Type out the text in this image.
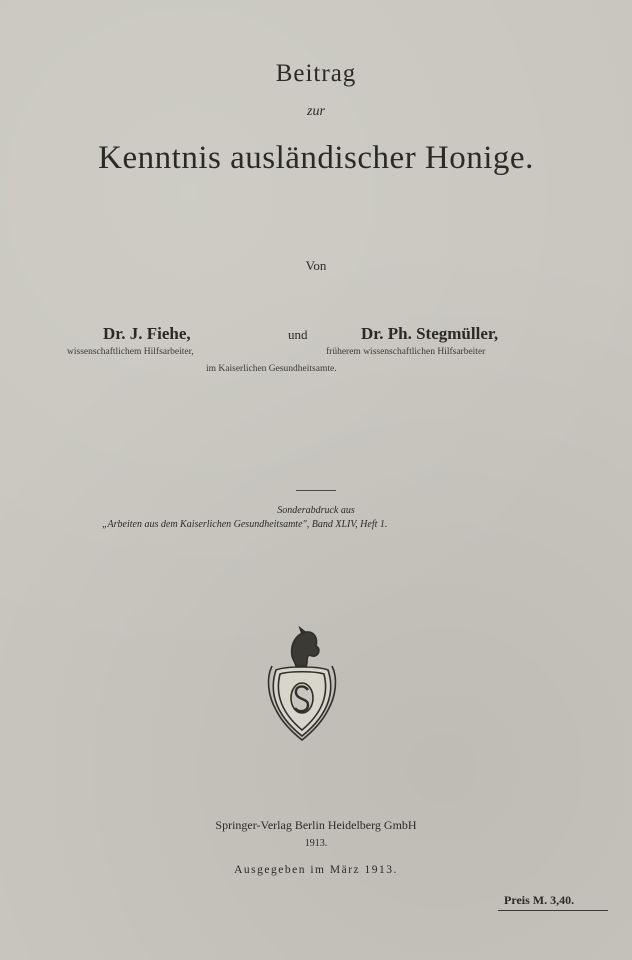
Beitrag
zur
Kenntnis ausländischer Honige.
Von
Dr. J. Fiehe,	und	Dr. Ph. Stegmüller,
wissenschaftlichem Hilfsarbeiter,	früherem wissenschaftlichen Hilfsarbeiter
im Kaiserlichen Gesundheitsamte.
Sonderabdruck aus
„Arbeiten aus dem Kaiserlichen Gesundheitsamte", Band XLIV, Heft 1.
Springer-Verlag Berlin Heidelberg GmbH
1913.
Ausgegeben im März 1913.
Preis M. 3,40.
